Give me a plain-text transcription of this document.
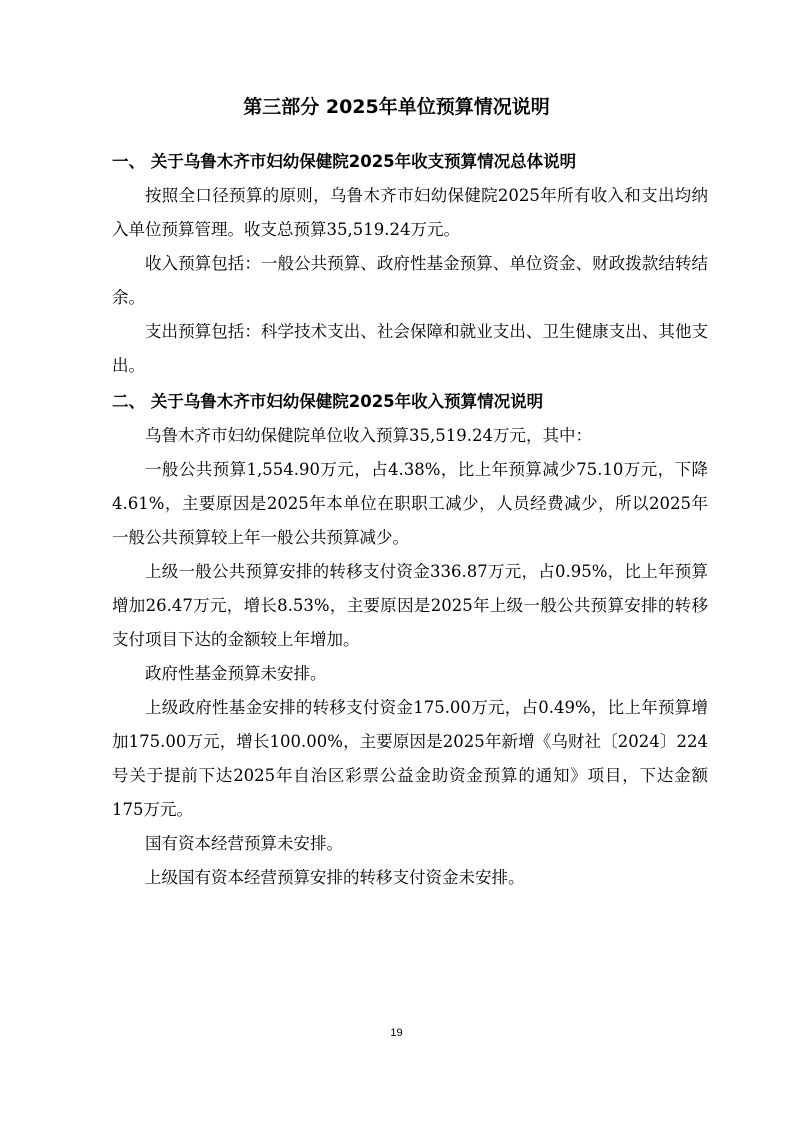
第三部分 2025年单位预算情况说明
一、 关于乌鲁木齐市妇幼保健院2025年收支预算情况总体说明

按照全口径预算的原则，乌鲁木齐市妇幼保健院2025年所有收入和支出均纳入单位预算管理。收支总预算35,519.24万元。

收入预算包括：一般公共预算、政府性基金预算、单位资金、财政拨款结转结余。

支出预算包括：科学技术支出、社会保障和就业支出、卫生健康支出、其他支出。

二、 关于乌鲁木齐市妇幼保健院2025年收入预算情况说明

乌鲁木齐市妇幼保健院单位收入预算35,519.24万元，其中：

一般公共预算1,554.90万元，占4.38%，比上年预算减少75.10万元，下降4.61%，主要原因是2025年本单位在职职工减少，人员经费减少，所以2025年一般公共预算较上年一般公共预算减少。

上级一般公共预算安排的转移支付资金336.87万元，占0.95%，比上年预算增加26.47万元，增长8.53%，主要原因是2025年上级一般公共预算安排的转移支付项目下达的金额较上年增加。

政府性基金预算未安排。

上级政府性基金安排的转移支付资金175.00万元，占0.49%，比上年预算增加175.00万元，增长100.00%，主要原因是2025年新增《乌财社〔2024〕224号关于提前下达2025年自治区彩票公益金助资金预算的通知》项目，下达金额175万元。

国有资本经营预算未安排。

上级国有资本经营预算安排的转移支付资金未安排。

19
